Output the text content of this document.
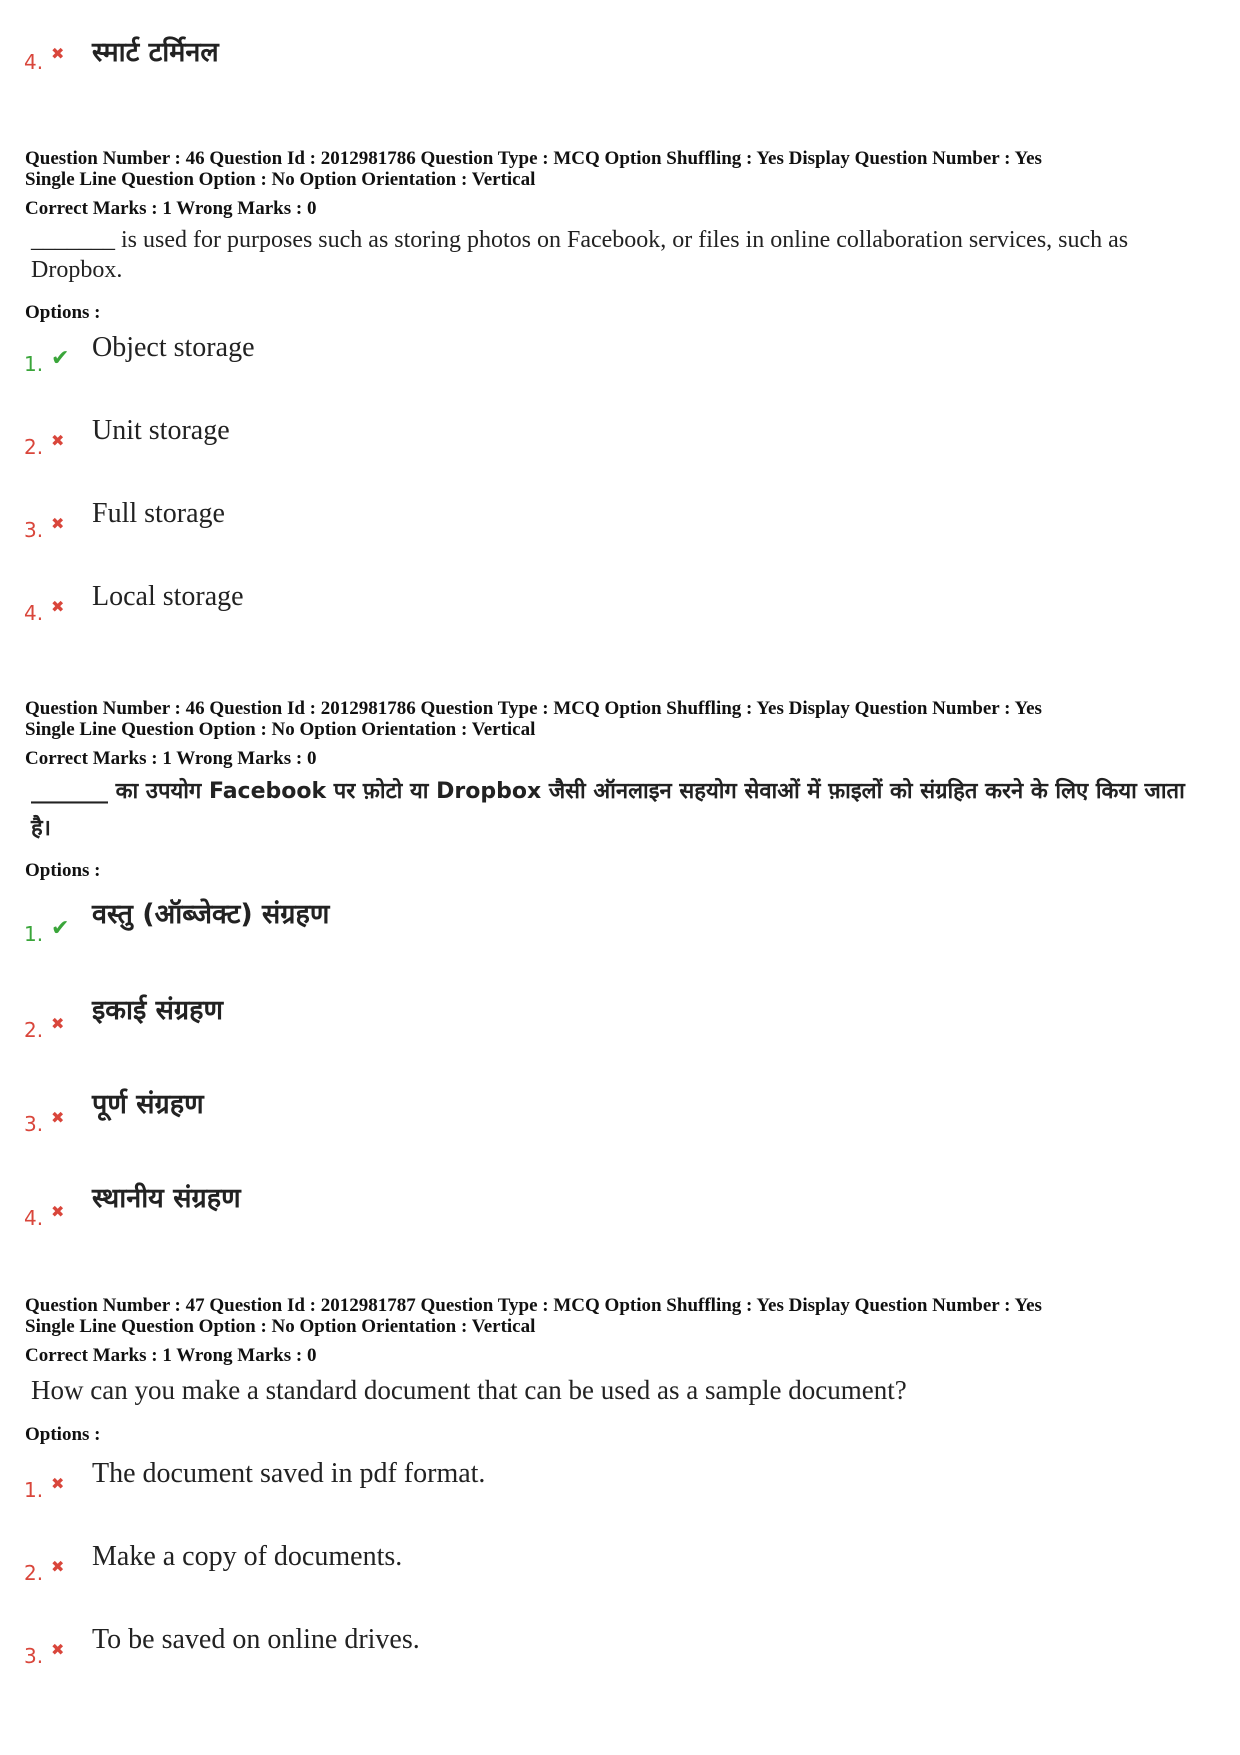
4. ✖ स्मार्ट टर्मिनल
Question Number : 46 Question Id : 2012981786 Question Type : MCQ Option Shuffling : Yes Display Question Number : Yes
Single Line Question Option : No Option Orientation : Vertical
Correct Marks : 1 Wrong Marks : 0
_______ is used for purposes such as storing photos on Facebook, or files in online collaboration services, such as Dropbox.
Options :
1. ✔ Object storage
2. ✖ Unit storage
3. ✖ Full storage
4. ✖ Local storage
Question Number : 46 Question Id : 2012981786 Question Type : MCQ Option Shuffling : Yes Display Question Number : Yes
Single Line Question Option : No Option Orientation : Vertical
Correct Marks : 1 Wrong Marks : 0
_______ का उपयोग Facebook पर फ़ोटो या Dropbox जैसी ऑनलाइन सहयोग सेवाओं में फ़ाइलों को संग्रहित करने के लिए किया जाता है।
Options :
1. ✔ वस्तु (ऑब्जेक्ट) संग्रहण
2. ✖ इकाई संग्रहण
3. ✖ पूर्ण संग्रहण
4. ✖ स्थानीय संग्रहण
Question Number : 47 Question Id : 2012981787 Question Type : MCQ Option Shuffling : Yes Display Question Number : Yes
Single Line Question Option : No Option Orientation : Vertical
Correct Marks : 1 Wrong Marks : 0
How can you make a standard document that can be used as a sample document?
Options :
1. ✖ The document saved in pdf format.
2. ✖ Make a copy of documents.
3. ✖ To be saved on online drives.
